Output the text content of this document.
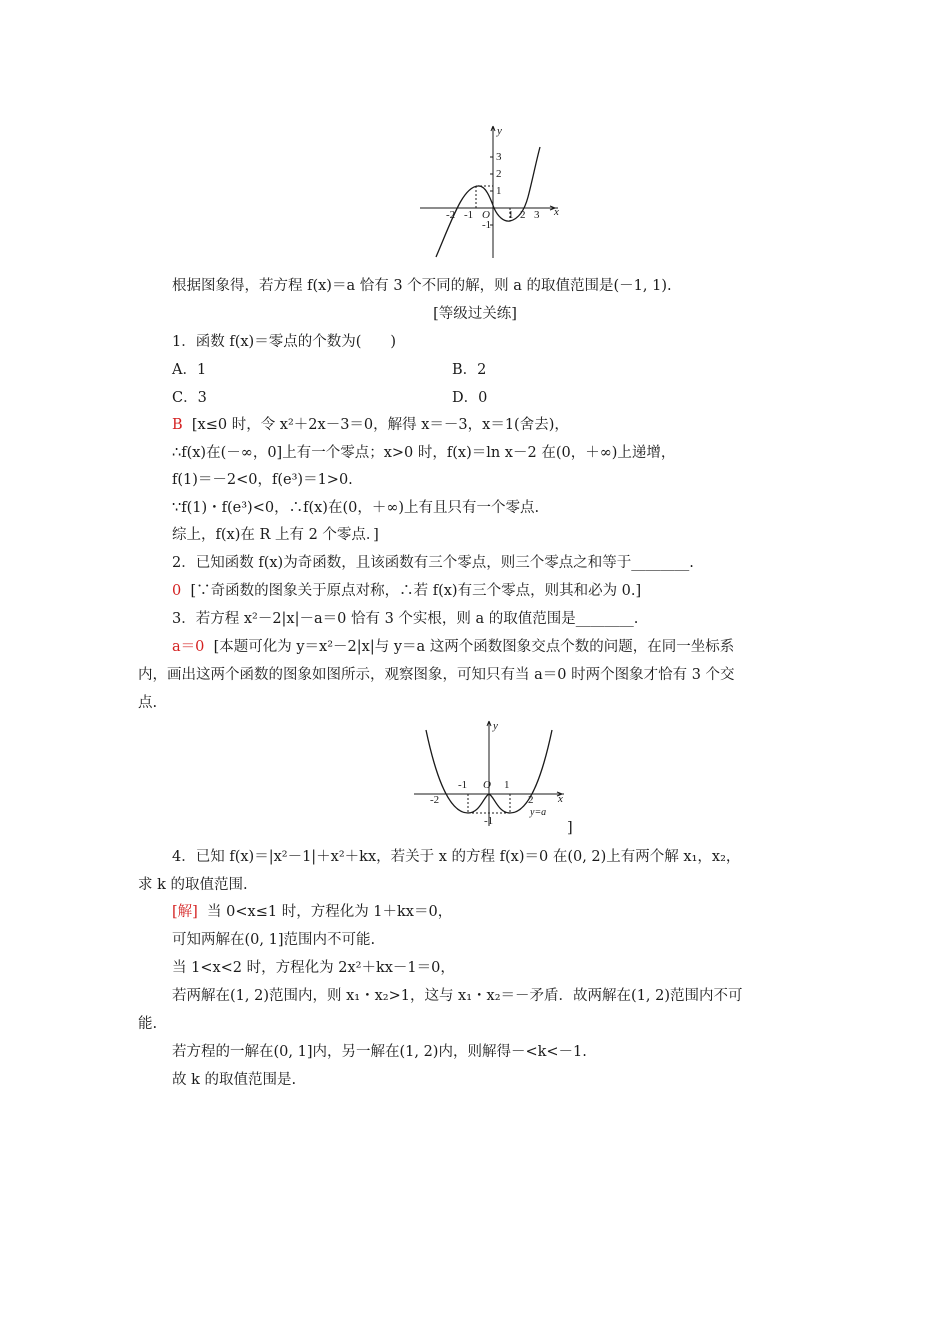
y
x
3
2
1
-1
-2 -1 O 1 2 3
根据图象得，若方程 f(x)＝a 恰有 3 个不同的解，则 a 的取值范围是(－1, 1).
[等级过关练]
1．函数 f(x)＝零点的个数为(　　)
A．1	B．2
C．3	D．0
B [x≤0 时，令 x²＋2x－3＝0，解得 x＝－3，x＝1(舍去)，
∴f(x)在(－∞，0]上有一个零点；x>0 时，f(x)＝ln x－2 在(0，＋∞)上递增，
f(1)＝－2<0，f(e³)＝1>0.
∵f(1)・f(e³)<0，∴f(x)在(0，＋∞)上有且只有一个零点.
综上，f(x)在 R 上有 2 个零点．]
2．已知函数 f(x)为奇函数，且该函数有三个零点，则三个零点之和等于________.
0 [∵奇函数的图象关于原点对称，∴若 f(x)有三个零点，则其和必为 0.]
3．若方程 x²－2|x|－a＝0 恰有 3 个实根，则 a 的取值范围是________.
a＝0 [本题可化为 y＝x²－2|x|与 y＝a 这两个函数图象交点个数的问题，在同一坐标系
内，画出这两个函数的图象如图所示，观察图象，可知只有当 a＝0 时两个图象才恰有 3 个交
点.
y
x
-1 O 1
-2	2
-1
y=a
]
4．已知 f(x)＝|x²－1|＋x²＋kx，若关于 x 的方程 f(x)＝0 在(0, 2)上有两个解 x₁，x₂，
求 k 的取值范围.
[解] 当 0<x≤1 时，方程化为 1＋kx＝0，
可知两解在(0, 1]范围内不可能.
当 1<x<2 时，方程化为 2x²＋kx－1＝0，
若两解在(1, 2)范围内，则 x₁・x₂>1，这与 x₁・x₂＝－矛盾．故两解在(1, 2)范围内不可
能.
若方程的一解在(0, 1]内，另一解在(1, 2)内，则解得－<k<－1.
故 k 的取值范围是.
